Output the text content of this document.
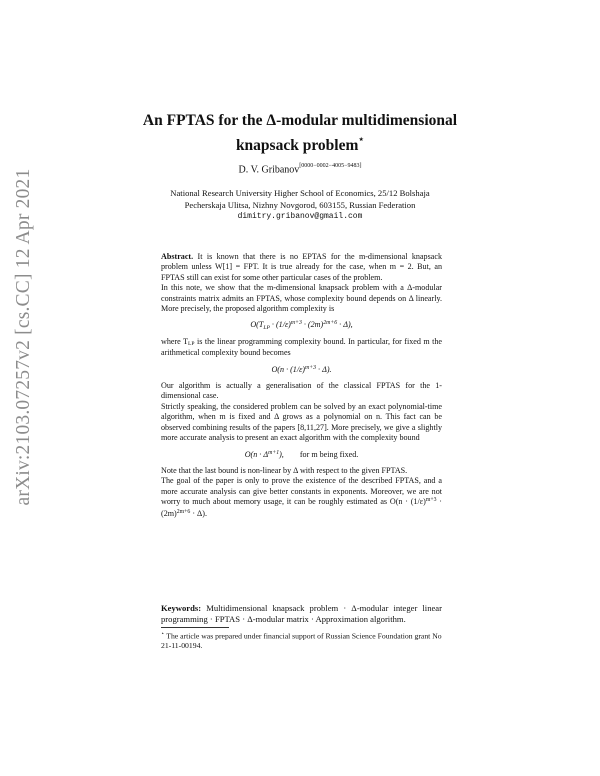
arXiv:2103.07257v2 [cs.CC] 12 Apr 2021
An FPTAS for the Δ-modular multidimensional
knapsack problem⋆
D. V. Gribanov[0000−0002−4005−9483]
National Research University Higher School of Economics, 25/12 Bolshaja
Pecherskaja Ulitsa, Nizhny Novgorod, 603155, Russian Federation
dimitry.gribanov@gmail.com

Abstract. It is known that there is no EPTAS for the m-dimensional knapsack problem unless W[1] = FPT. It is true already for the case, when m = 2. But, an FPTAS still can exist for some other particular cases of the problem.

In this note, we show that the m-dimensional knapsack problem with a Δ-modular constraints matrix admits an FPTAS, whose complexity bound depends on Δ linearly. More precisely, the proposed algorithm complexity is

$O(TLP \cdot (1/\varepsilon)^{m+3} \cdot (2m)^{2m+6} \cdot \Delta)$,

where TLP is the linear programming complexity bound. In particular, for fixed m the arithmetical complexity bound becomes

$O(n \cdot (1/\varepsilon)^{m+3} \cdot \Delta)$.

Our algorithm is actually a generalisation of the classical FPTAS for the 1-dimensional case.

Strictly speaking, the considered problem can be solved by an exact polynomial-time algorithm, when m is fixed and Δ grows as a polynomial on n. This fact can be observed combining results of the papers [8,11,27]. More precisely, we give a slightly more accurate analysis to present an exact algorithm with the complexity bound

$O(n \cdot \Delta^{m+1})$, for m being fixed.

Note that the last bound is non-linear by Δ with respect to the given FPTAS.

The goal of the paper is only to prove the existence of the described FPTAS, and a more accurate analysis can give better constants in exponents. Moreover, we are not worry to much about memory usage, it can be roughly estimated as $O(n \cdot (1/\varepsilon)^{m+3} \cdot (2m)^{2m+6} \cdot \Delta)$.

Keywords: Multidimensional knapsack problem · Δ-modular integer linear programming · FPTAS · Δ-modular matrix · Approximation algorithm.
⋆ The article was prepared under financial support of Russian Science Foundation grant No 21-11-00194.
